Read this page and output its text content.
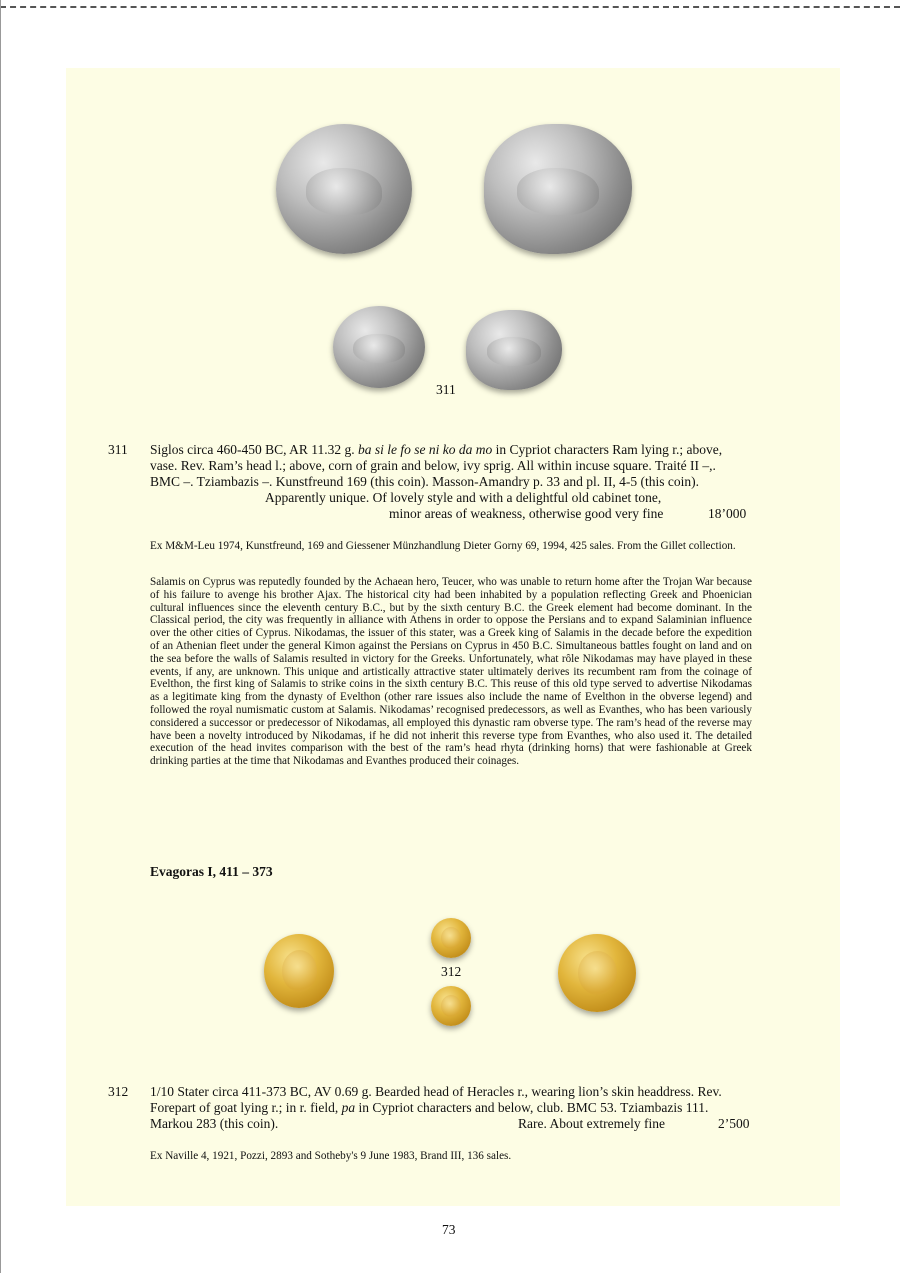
311
311 Siglos circa 460-450 BC, AR 11.32 g. ba si le fo se ni ko da mo in Cypriot characters Ram lying r.; above,
vase. Rev. Ram’s head l.; above, corn of grain and below, ivy sprig. All within incuse square. Traité II –,.
BMC –. Tziambazis –. Kunstfreund 169 (this coin). Masson-Amandry p. 33 and pl. II, 4-5 (this coin).
Apparently unique. Of lovely style and with a delightful old cabinet tone,
minor areas of weakness, otherwise good very fine	18’000
Ex M&M-Leu 1974, Kunstfreund, 169 and Giessener Münzhandlung Dieter Gorny 69, 1994, 425 sales. From the Gillet collection.
Salamis on Cyprus was reputedly founded by the Achaean hero, Teucer, who was unable to return home after the Trojan War because of his failure to avenge his brother Ajax. The historical city had been inhabited by a population reflecting Greek and Phoenician cultural influences since the eleventh century B.C., but by the sixth century B.C. the Greek element had become dominant. In the Classical period, the city was frequently in alliance with Athens in order to oppose the Persians and to expand Salaminian influence over the other cities of Cyprus. Nikodamas, the issuer of this stater, was a Greek king of Salamis in the decade before the expedition of an Athenian fleet under the general Kimon against the Persians on Cyprus in 450 B.C. Simultaneous battles fought on land and on the sea before the walls of Salamis resulted in victory for the Greeks. Unfortunately, what rôle Nikodamas may have played in these events, if any, are unknown. This unique and artistically attractive stater ultimately derives its recumbent ram from the coinage of Evelthon, the first king of Salamis to strike coins in the sixth century B.C. This reuse of this old type served to advertise Nikodamas as a legitimate king from the dynasty of Evelthon (other rare issues also include the name of Evelthon in the obverse legend) and followed the royal numismatic custom at Salamis. Nikodamas’ recognised predecessors, as well as Evanthes, who has been variously considered a successor or predecessor of Nikodamas, all employed this dynastic ram obverse type. The ram’s head of the reverse may have been a novelty introduced by Nikodamas, if he did not inherit this reverse type from Evanthes, who also used it. The detailed execution of the head invites comparison with the best of the ram’s head rhyta (drinking horns) that were fashionable at Greek drinking parties at the time that Nikodamas and Evanthes produced their coinages.
Evagoras I, 411 – 373
312
312 1/10 Stater circa 411-373 BC, AV 0.69 g. Bearded head of Heracles r., wearing lion’s skin headdress. Rev.
Forepart of goat lying r.; in r. field, pa in Cypriot characters and below, club. BMC 53. Tziambazis 111.
Markou 283 (this coin).	Rare. About extremely fine	2’500
Ex Naville 4, 1921, Pozzi, 2893 and Sotheby's 9 June 1983, Brand III, 136 sales.
73
